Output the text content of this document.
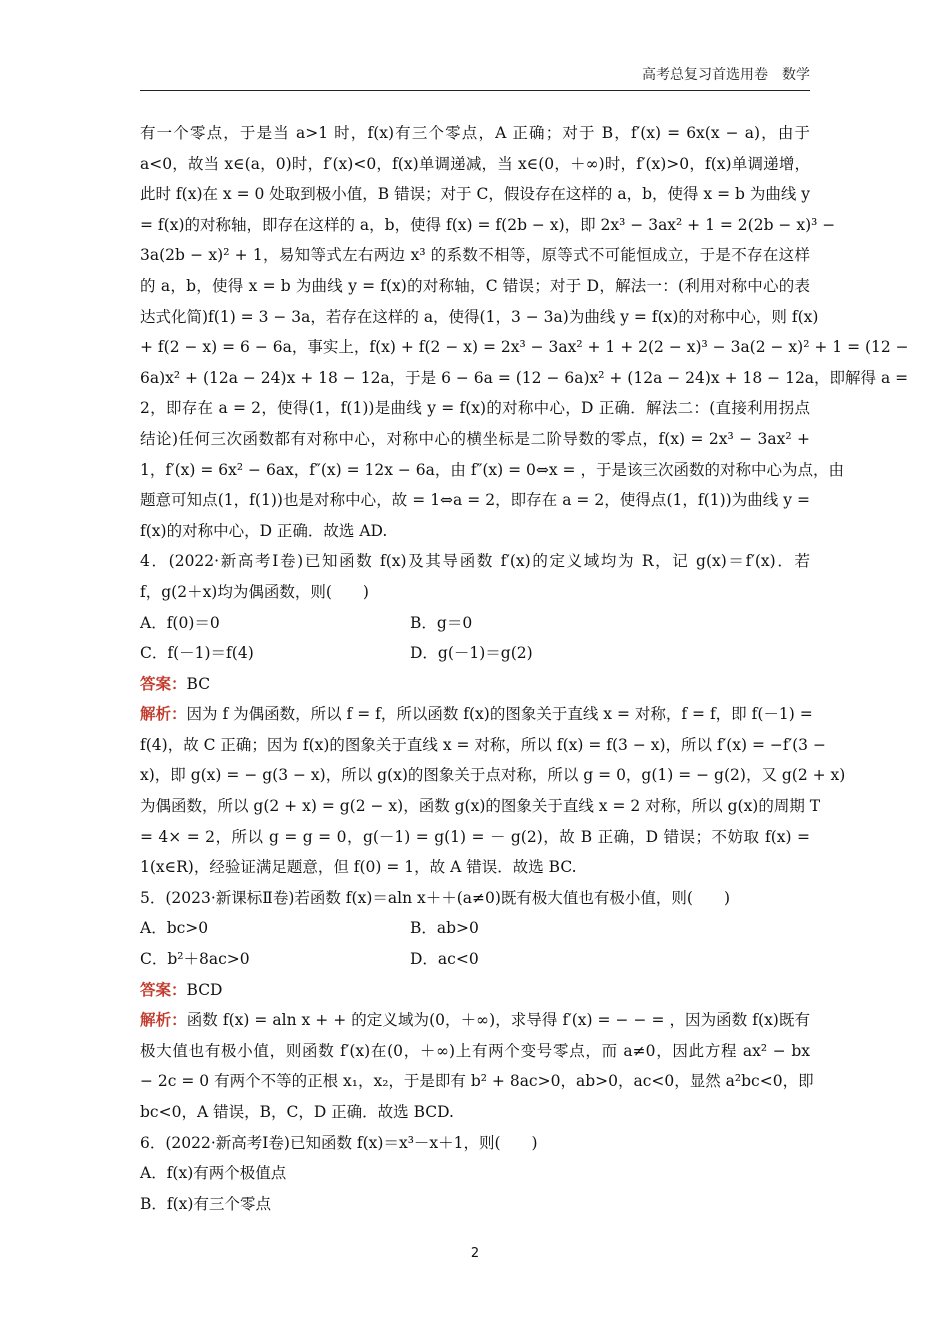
高考总复习首选用卷　数学
有一个零点，于是当 a>1 时，f(x)有三个零点，A 正确；对于 B，f′(x) = 6x(x − a)，由于
a<0，故当 x∈(a，0)时，f′(x)<0，f(x)单调递减，当 x∈(0，＋∞)时，f′(x)>0，f(x)单调递增，
此时 f(x)在 x = 0 处取到极小值，B 错误；对于 C，假设存在这样的 a，b，使得 x = b 为曲线 y
= f(x)的对称轴，即存在这样的 a，b，使得 f(x) = f(2b − x)，即 2x³ − 3ax² + 1 = 2(2b − x)³ −
3a(2b − x)² + 1，易知等式左右两边 x³ 的系数不相等，原等式不可能恒成立，于是不存在这样
的 a，b，使得 x = b 为曲线 y = f(x)的对称轴，C 错误；对于 D，解法一：(利用对称中心的表
达式化简)f(1) = 3 − 3a，若存在这样的 a，使得(1，3 − 3a)为曲线 y = f(x)的对称中心，则 f(x)
+ f(2 − x) = 6 − 6a，事实上，f(x) + f(2 − x) = 2x³ − 3ax² + 1 + 2(2 − x)³ − 3a(2 − x)² + 1 = (12 −
6a)x² + (12a − 24)x + 18 − 12a，于是 6 − 6a = (12 − 6a)x² + (12a − 24)x + 18 − 12a，即解得 a =
2，即存在 a = 2，使得(1，f(1))是曲线 y = f(x)的对称中心，D 正确．解法二：(直接利用拐点
结论)任何三次函数都有对称中心，对称中心的横坐标是二阶导数的零点，f(x) = 2x³ − 3ax² +
1，f′(x) = 6x² − 6ax，f″(x) = 12x − 6a，由 f″(x) = 0⇔x = ，于是该三次函数的对称中心为点，由
题意可知点(1，f(1))也是对称中心，故 = 1⇔a = 2，即存在 a = 2，使得点(1，f(1))为曲线 y =
f(x)的对称中心，D 正确．故选 AD.
4．(2022·新高考Ⅰ卷)已知函数 f(x)及其导函数 f′(x)的定义域均为 R，记 g(x)＝f′(x)．若
f，g(2＋x)均为偶函数，则(　　)
A．f(0)＝0	B．g＝0
C．f(－1)＝f(4)	D．g(－1)＝g(2)
答案：BC
解析：因为 f 为偶函数，所以 f = f，所以函数 f(x)的图象关于直线 x = 对称，f = f，即 f(－1) =
f(4)，故 C 正确；因为 f(x)的图象关于直线 x = 对称，所以 f(x) = f(3 − x)，所以 f′(x) = −f′(3 −
x)，即 g(x) = − g(3 − x)，所以 g(x)的图象关于点对称，所以 g = 0，g(1) = − g(2)，又 g(2 + x)
为偶函数，所以 g(2 + x) = g(2 − x)，函数 g(x)的图象关于直线 x = 2 对称，所以 g(x)的周期 T
= 4× = 2，所以 g = g = 0，g(－1) = g(1) = － g(2)，故 B 正确，D 错误；不妨取 f(x) =
1(x∈R)，经验证满足题意，但 f(0) = 1，故 A 错误．故选 BC.
5．(2023·新课标Ⅱ卷)若函数 f(x)＝aln x＋＋(a≠0)既有极大值也有极小值，则(　　)
A．bc>0	B．ab>0
C．b²＋8ac>0	D．ac<0
答案：BCD
解析：函数 f(x) = aln x + + 的定义域为(0，＋∞)，求导得 f′(x) = − − = ，因为函数 f(x)既有
极大值也有极小值，则函数 f′(x)在(0，＋∞)上有两个变号零点，而 a≠0，因此方程 ax² − bx
− 2c = 0 有两个不等的正根 x₁，x₂，于是即有 b² + 8ac>0，ab>0，ac<0，显然 a²bc<0，即
bc<0，A 错误，B，C，D 正确．故选 BCD.
6．(2022·新高考Ⅰ卷)已知函数 f(x)＝x³－x＋1，则(　　)
A．f(x)有两个极值点
B．f(x)有三个零点
2
